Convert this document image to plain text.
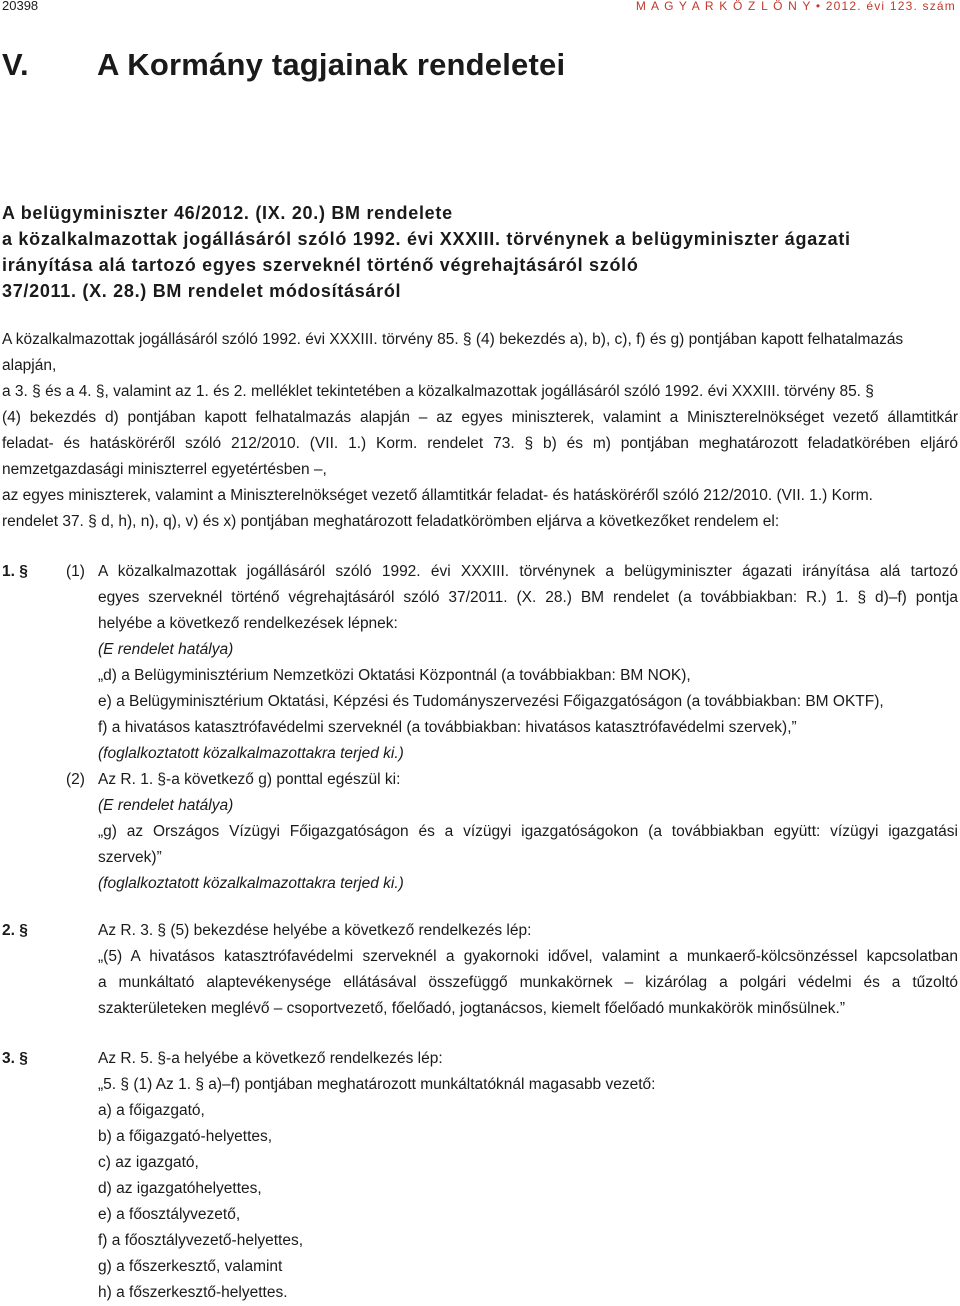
20398	M A G Y A R K Ö Z L Ö N Y • 2012. évi 123. szám
V. A Kormány tagjainak rendeletei
A belügyminiszter 46/2012. (IX. 20.) BM rendelete
a közalkalmazottak jogállásáról szóló 1992. évi XXXIII. törvénynek a belügyminiszter ágazati
irányítása alá tartozó egyes szerveknél történő végrehajtásáról szóló
37/2011. (X. 28.) BM rendelet módosításáról
A közalkalmazottak jogállásáról szóló 1992. évi XXXIII. törvény 85. § (4) bekezdés a), b), c), f) és g) pontjában kapott felhatalmazás
alapján,
a 3. § és a 4. §, valamint az 1. és 2. melléklet tekintetében a közalkalmazottak jogállásáról szóló 1992. évi XXXIII. törvény 85. §
(4) bekezdés d) pontjában kapott felhatalmazás alapján – az egyes miniszterek, valamint a Miniszterelnökséget vezető államtitkár
feladat- és hatásköréről szóló 212/2010. (VII. 1.) Korm. rendelet 73. § b) és m) pontjában meghatározott feladatkörében eljáró
nemzetgazdasági miniszterrel egyetértésben –,
az egyes miniszterek, valamint a Miniszterelnökséget vezető államtitkár feladat- és hatásköréről szóló 212/2010. (VII. 1.) Korm.
rendelet 37. § d, h), n), q), v) és x) pontjában meghatározott feladatkörömben eljárva a következőket rendelem el:
1. §	(1) A közalkalmazottak jogállásáról szóló 1992. évi XXXIII. törvénynek a belügyminiszter ágazati irányítása alá tartozó
egyes szerveknél történő végrehajtásáról szóló 37/2011. (X. 28.) BM rendelet (a továbbiakban: R.) 1. § d)–f) pontja
helyébe a következő rendelkezések lépnek:
(E rendelet hatálya)
„d) a Belügyminisztérium Nemzetközi Oktatási Központnál (a továbbiakban: BM NOK),
e) a Belügyminisztérium Oktatási, Képzési és Tudományszervezési Főigazgatóságon (a továbbiakban: BM OKTF),
f) a hivatásos katasztrófavédelmi szerveknél (a továbbiakban: hivatásos katasztrófavédelmi szervek),”
(foglalkoztatott közalkalmazottakra terjed ki.)
(2) Az R. 1. §-a következő g) ponttal egészül ki:
(E rendelet hatálya)
„g) az Országos Vízügyi Főigazgatóságon és a vízügyi igazgatóságokon (a továbbiakban együtt: vízügyi igazgatási
szervek)”
(foglalkoztatott közalkalmazottakra terjed ki.)
2. §	Az R. 3. § (5) bekezdése helyébe a következő rendelkezés lép:
„(5) A hivatásos katasztrófavédelmi szerveknél a gyakornoki idővel, valamint a munkaerő-kölcsönzéssel kapcsolatban
a munkáltató alaptevékenysége ellátásával összefüggő munkakörnek – kizárólag a polgári védelmi és a tűzoltó
szakterületeken meglévő – csoportvezető, főelőadó, jogtanácsos, kiemelt főelőadó munkakörök minősülnek.”
3. §	Az R. 5. §-a helyébe a következő rendelkezés lép:
„5. § (1) Az 1. § a)–f) pontjában meghatározott munkáltatóknál magasabb vezető:
a) a főigazgató,
b) a főigazgató-helyettes,
c) az igazgató,
d) az igazgatóhelyettes,
e) a főosztályvezető,
f) a főosztályvezető-helyettes,
g) a főszerkesztő, valamint
h) a főszerkesztő-helyettes.
